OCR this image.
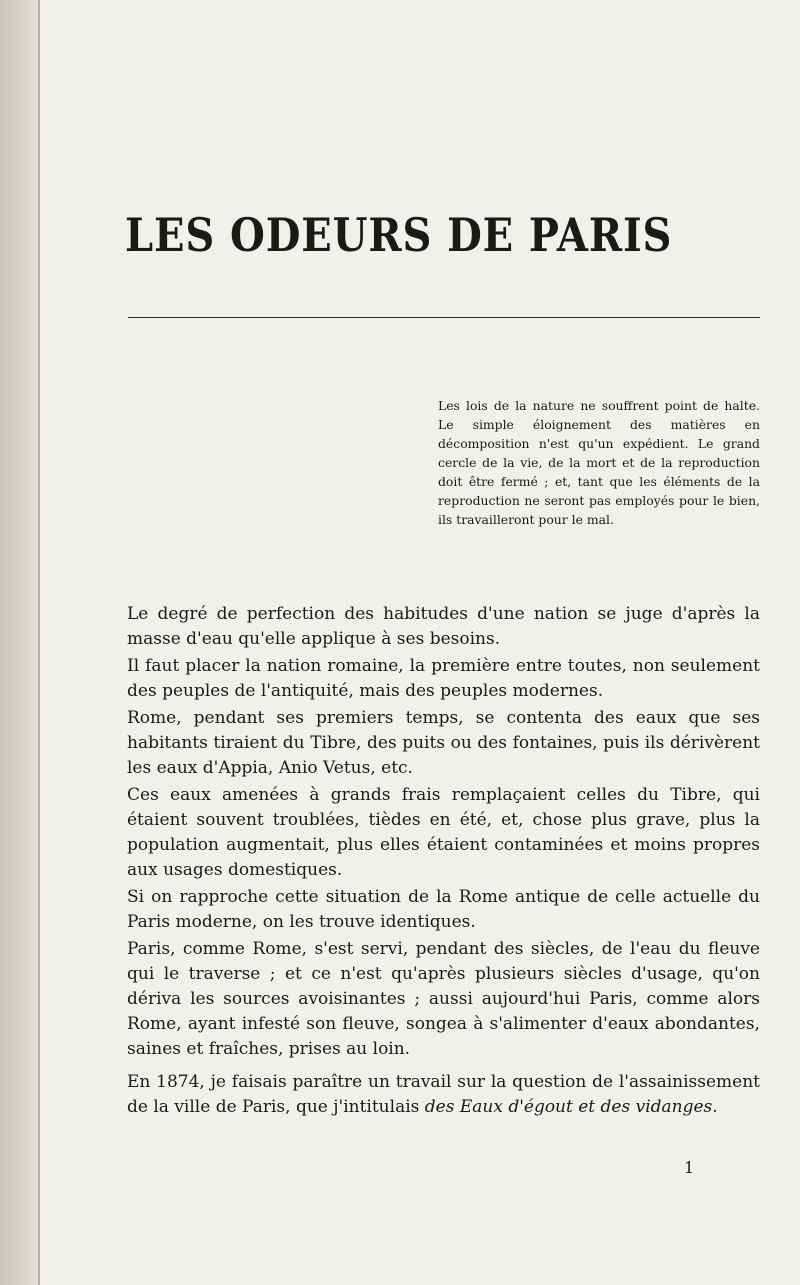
LES ODEURS DE PARIS

Les lois de la nature ne souffrent point de halte. Le simple éloignement des matières en décomposition n'est qu'un expédient. Le grand cercle de la vie, de la mort et de la reproduction doit être fermé ; et, tant que les éléments de la reproduction ne seront pas employés pour le bien, ils travailleront pour le mal.

Le degré de perfection des habitudes d'une nation se juge d'après la masse d'eau qu'elle applique à ses besoins.

Il faut placer la nation romaine, la première entre toutes, non seulement des peuples de l'antiquité, mais des peuples modernes.

Rome, pendant ses premiers temps, se contenta des eaux que ses habitants tiraient du Tibre, des puits ou des fontaines, puis ils dérivèrent les eaux d'Appia, Anio Vetus, etc.

Ces eaux amenées à grands frais remplaçaient celles du Tibre, qui étaient souvent troublées, tièdes en été, et, chose plus grave, plus la population augmentait, plus elles étaient contaminées et moins propres aux usages domestiques.

Si on rapproche cette situation de la Rome antique de celle actuelle du Paris moderne, on les trouve identiques.

Paris, comme Rome, s'est servi, pendant des siècles, de l'eau du fleuve qui le traverse ; et ce n'est qu'après plusieurs siècles d'usage, qu'on dériva les sources avoisinantes ; aussi aujourd'hui Paris, comme alors Rome, ayant infesté son fleuve, songea à s'alimenter d'eaux abondantes, saines et fraîches, prises au loin.

En 1874, je faisais paraître un travail sur la question de l'assainissement de la ville de Paris, que j'intitulais des Eaux d'égout et des vidanges.

1
